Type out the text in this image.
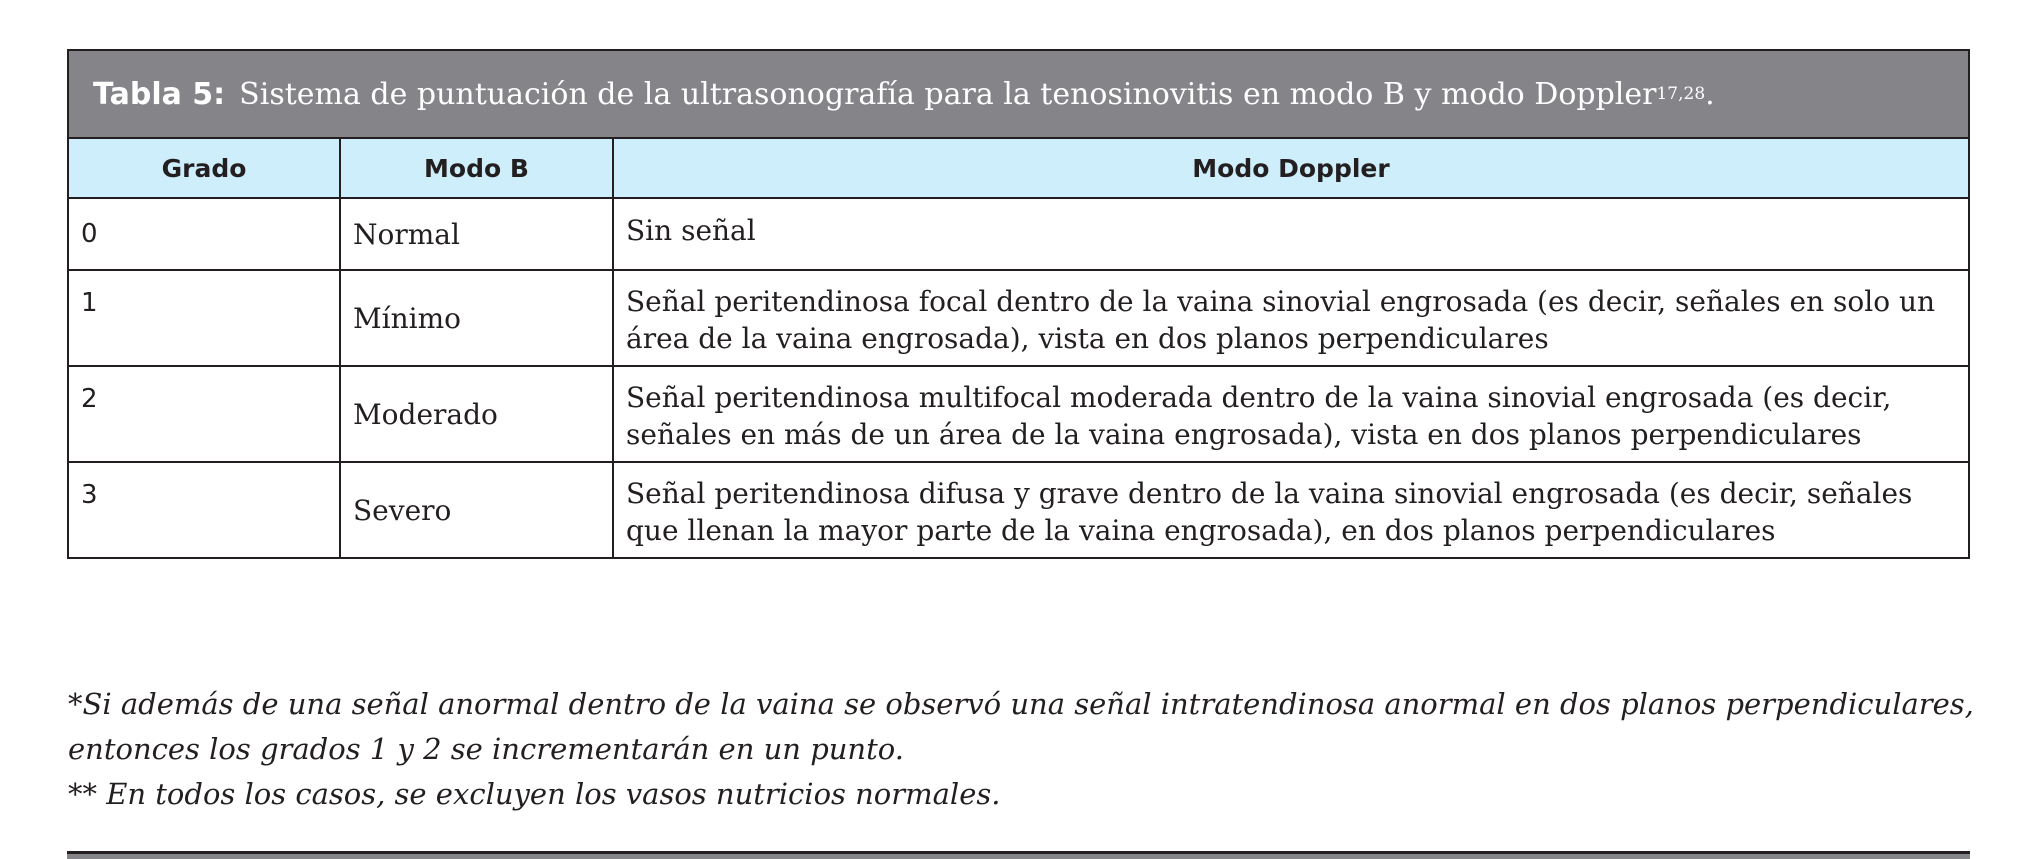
Tabla 5: Sistema de puntuación de la ultrasonografía para la tenosinovitis en modo B y modo Doppler 17,28 .
Grado	Modo B	Modo Doppler
0	Normal	Sin señal
1	Mínimo	Señal peritendinosa focal dentro de la vaina sinovial engrosada (es decir, señales en solo un área de la vaina engrosada), vista en dos planos perpendiculares
2	Moderado	Señal peritendinosa multifocal moderada dentro de la vaina sinovial engrosada (es decir, señales en más de un área de la vaina engrosada), vista en dos planos perpendiculares
3	Severo	Señal peritendinosa difusa y grave dentro de la vaina sinovial engrosada (es decir, señales que llenan la mayor parte de la vaina engrosada), en dos planos perpendiculares
*Si además de una señal anormal dentro de la vaina se observó una señal intratendinosa anormal en dos planos perpendiculares, entonces los grados 1 y 2 se incrementarán en un punto.
** En todos los casos, se excluyen los vasos nutricios normales.
